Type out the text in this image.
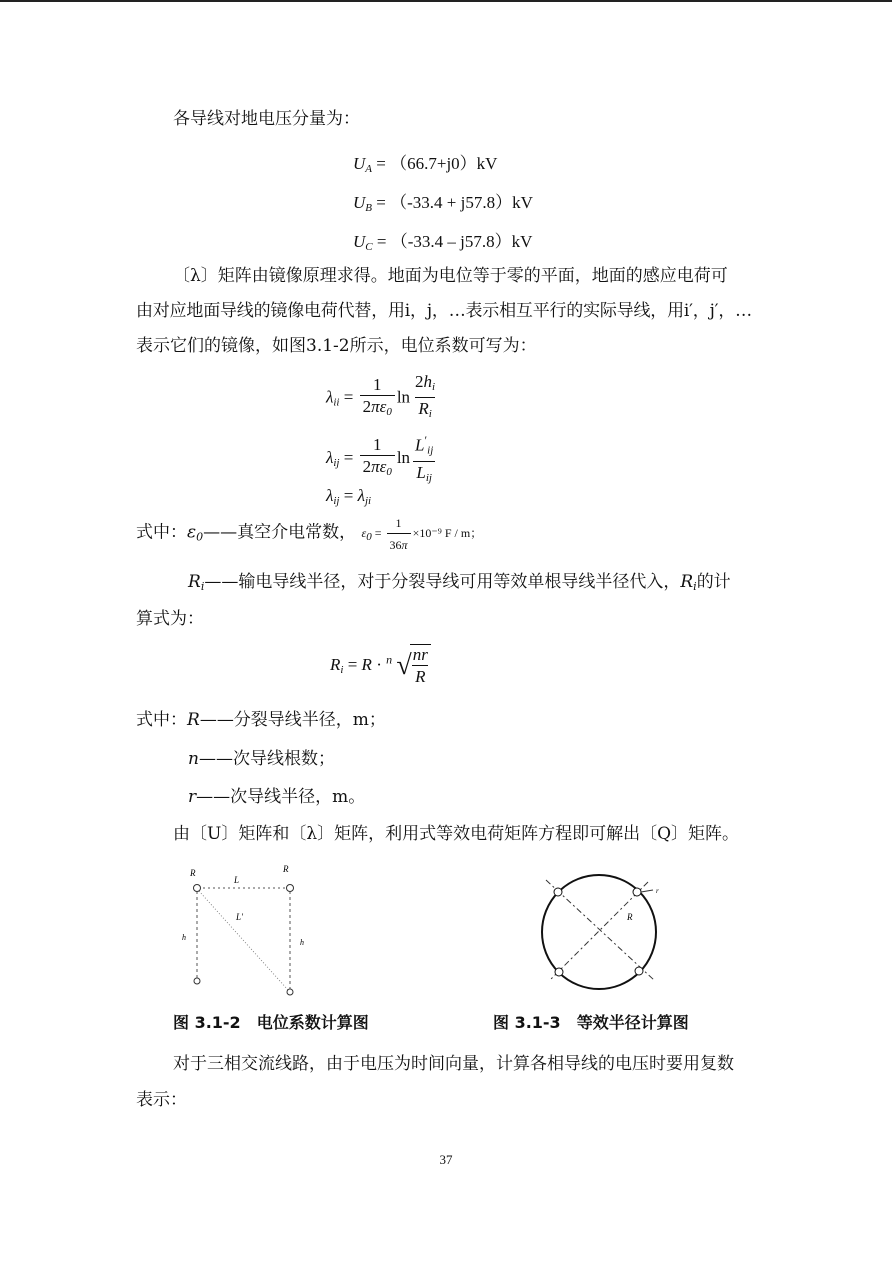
各导线对地电压分量为：

$U_A = (66.7+j0)kV$
$U_B = (-33.4 + j57.8)kV$
$U_C = (-33.4 - j57.8)kV$

〔λ〕矩阵由镜像原理求得。地面为电位等于零的平面，地面的感应电荷可

由对应地面导线的镜像电荷代替，用i，j，…表示相互平行的实际导线，用i′，j′，…

表示它们的镜像，如图3.1-2所示，电位系数可写为：

$\lambda_{ii} = \frac{1}{2\pi\varepsilon_0}$ $\ln \frac{2h_i}{R_i}$
$\lambda_{ij} = \frac{1}{2\pi\varepsilon_0}$ $\ln \frac{L'_{ij}}{L_{ij}}$
$\lambda_{ij} = \lambda_{ji}$
式中：$\varepsilon_0——$真空介电常数， $\varepsilon 0 = \frac{1}{36\pi} \times 10^{-9}$ F / m；
$R_i——$输电导线半径，对于分裂导线可用等效单根导线半径代入，$R_i$的计

算式为：

$R_i = R \cdot ^n$ √
$\frac{nr}{R}$
式中：R——分裂导线半径，m；
n——次导线根数；
r——次导线半径，m。

由〔U〕矩阵和〔λ〕矩阵，利用式等效电荷矩阵方程即可解出〔Q〕矩阵。

R	R
L
L′
h
h
图 3.1-2　电位系数计算图
R
r
图 3.1-3　等效半径计算图

对于三相交流线路，由于电压为时间向量，计算各相导线的电压时要用复数

表示：

37
